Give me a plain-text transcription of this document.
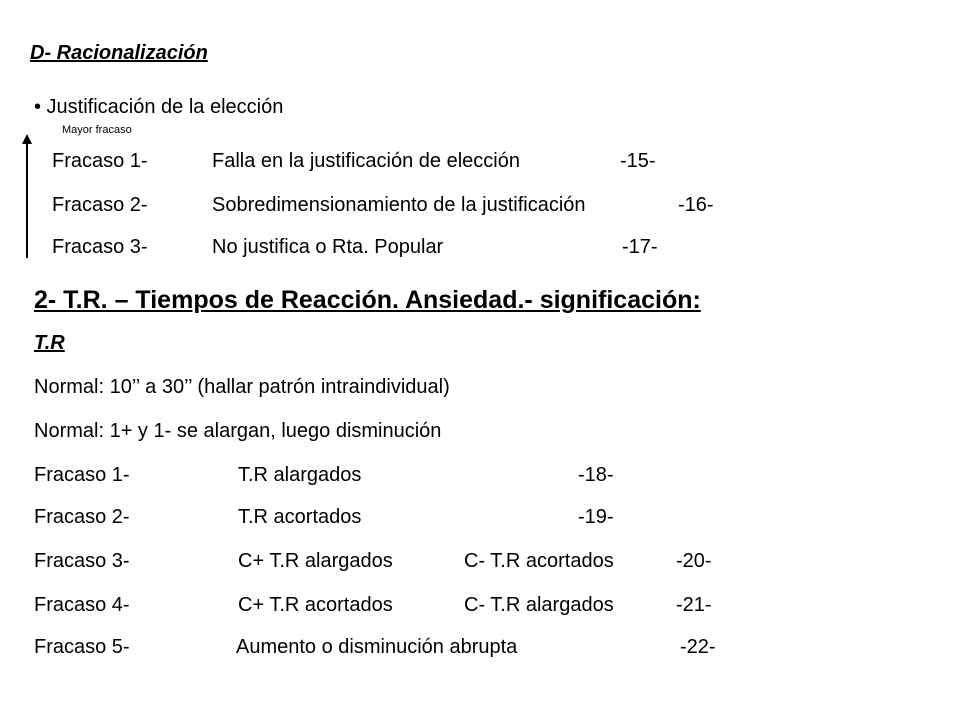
D- Racionalización
• Justificación de la elección
Mayor fracaso
Fracaso 1-	Falla en la justificación de elección	-15-
Fracaso 2-	Sobredimensionamiento de la justificación	-16-
Fracaso 3-	No justifica o Rta. Popular	-17-
2- T.R. – Tiempos de Reacción. Ansiedad.- significación:
T.R
Normal: 10’’ a 30’’ (hallar patrón intraindividual)
Normal: 1+ y 1- se alargan, luego disminución
Fracaso 1-	T.R alargados	-18-
Fracaso 2-	T.R acortados	-19-
Fracaso 3-	C+ T.R alargados	C- T.R acortados	-20-
Fracaso 4-	C+ T.R acortados	C- T.R alargados	-21-
Fracaso 5-	Aumento o disminución abrupta	-22-
